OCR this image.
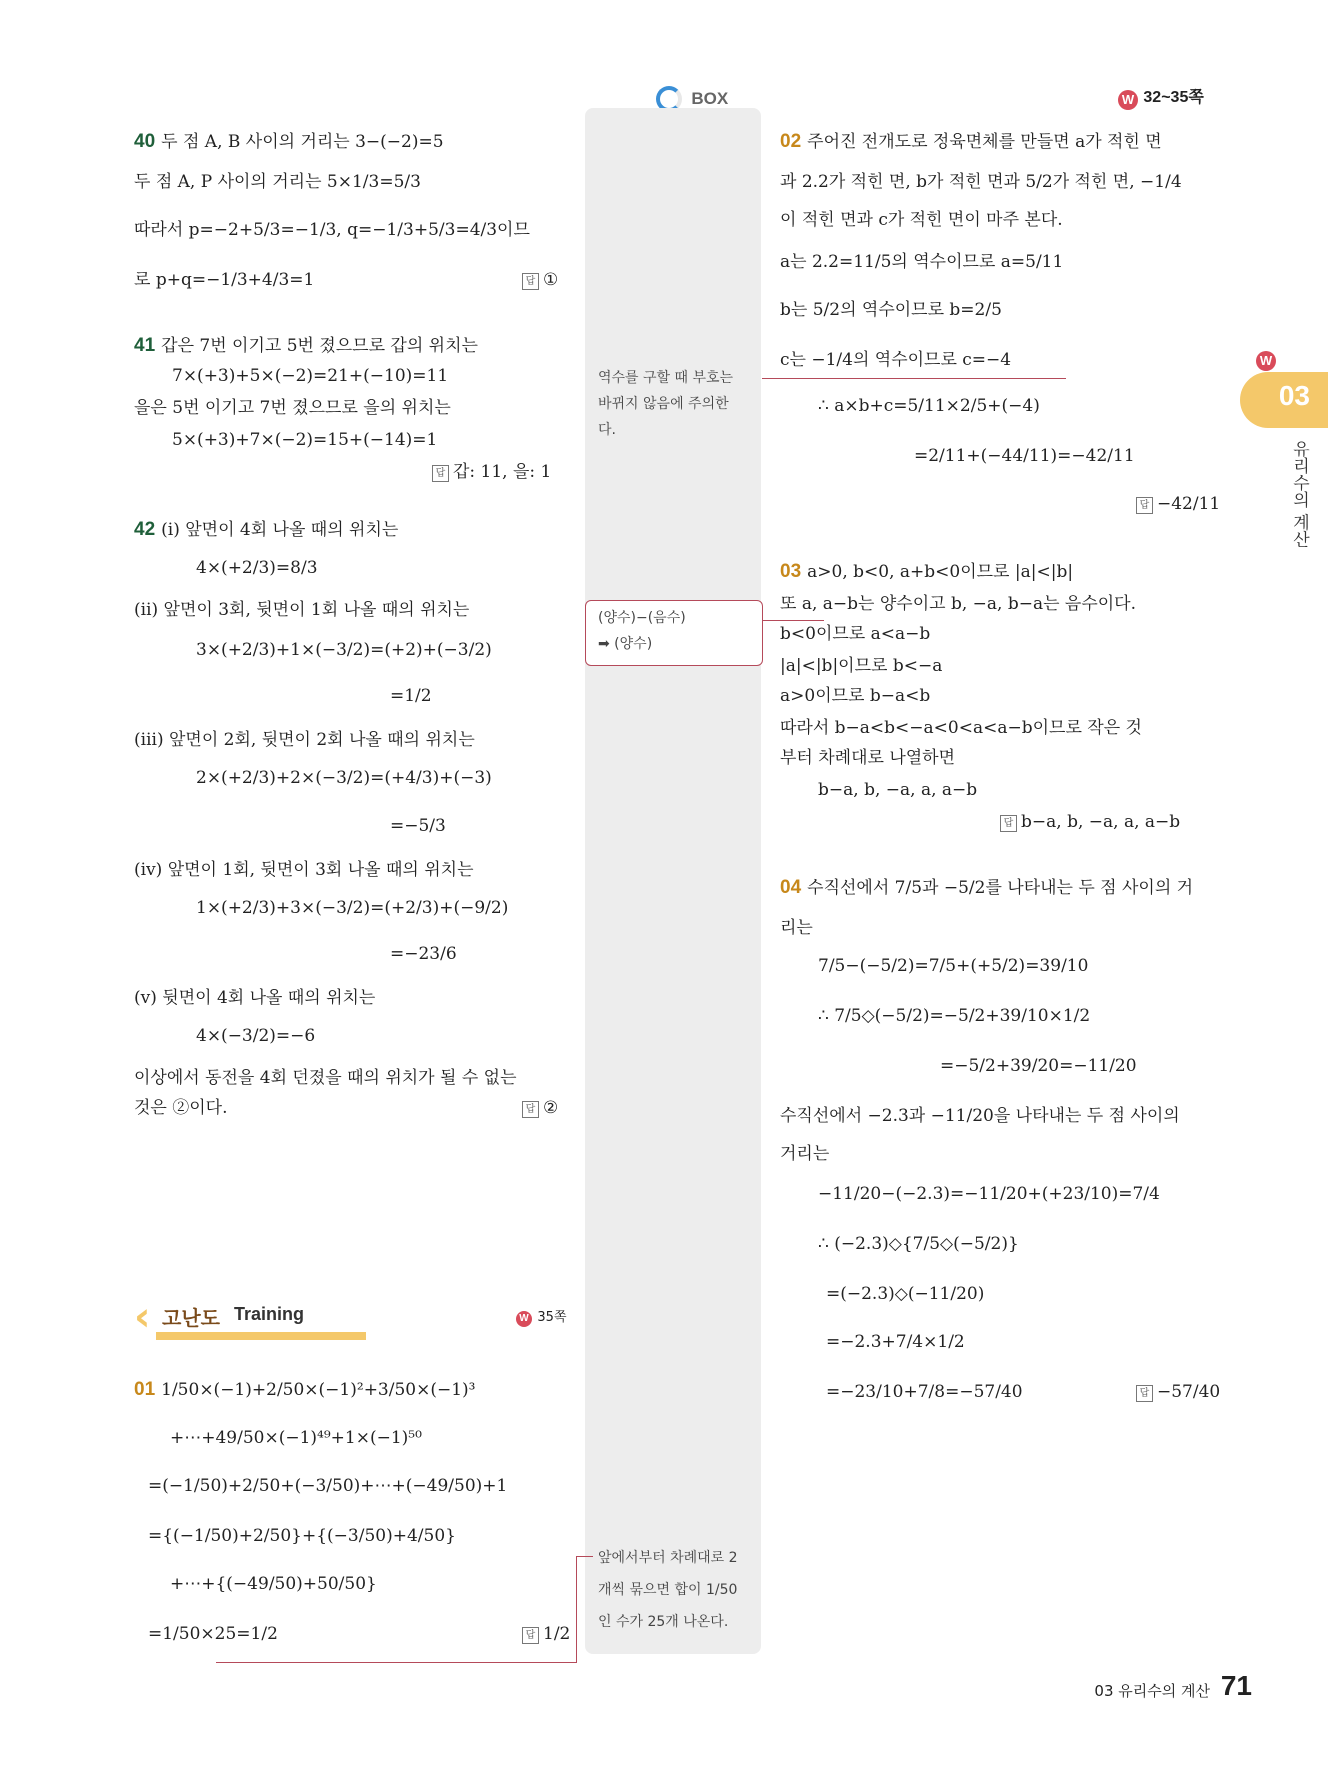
BOX	W 32~35쪽
W
03
유리수의 계산
40 두 점 A, B 사이의 거리는 3−(−2)=5
두 점 A, P 사이의 거리는 5×1/3=5/3
따라서 p=−2+5/3=−1/3, q=−1/3+5/3=4/3이므
로 p+q=−1/3+4/3=1	답 ①
41 갑은 7번 이기고 5번 졌으므로 갑의 위치는
7×(+3)+5×(−2)=21+(−10)=11
을은 5번 이기고 7번 졌으므로 을의 위치는
5×(+3)+7×(−2)=15+(−14)=1
답 갑: 11, 을: 1
42 (ⅰ) 앞면이 4회 나올 때의 위치는
4×(+2/3)=8/3
(ⅱ) 앞면이 3회, 뒷면이 1회 나올 때의 위치는
3×(+2/3)+1×(−3/2)=(+2)+(−3/2)
=1/2
(ⅲ) 앞면이 2회, 뒷면이 2회 나올 때의 위치는
2×(+2/3)+2×(−3/2)=(+4/3)+(−3)
=−5/3
(ⅳ) 앞면이 1회, 뒷면이 3회 나올 때의 위치는
1×(+2/3)+3×(−3/2)=(+2/3)+(−9/2)
=−23/6
(ⅴ) 뒷면이 4회 나올 때의 위치는
4×(−3/2)=−6
이상에서 동전을 4회 던졌을 때의 위치가 될 수 없는
것은 ②이다.	답 ②
‹ 고난도 Training	W 35쪽
01 1/50×(−1)+2/50×(−1)²+3/50×(−1)³
+⋯+49/50×(−1)⁴⁹+1×(−1)⁵⁰
=(−1/50)+2/50+(−3/50)+⋯+(−49/50)+1
={(−1/50)+2/50}+{(−3/50)+4/50}
+⋯+{(−49/50)+50/50}
=1/50×25=1/2	답 1/2
역수를 구할 때 부호는
바뀌지 않음에 주의한
다.
(양수)−(음수)
➡ (양수)
앞에서부터 차례대로 2
개씩 묶으면 합이 1/50
인 수가 25개 나온다.
02 주어진 전개도로 정육면체를 만들면 a가 적힌 면
과 2.2가 적힌 면, b가 적힌 면과 5/2가 적힌 면, −1/4
이 적힌 면과 c가 적힌 면이 마주 본다.
a는 2.2=11/5의 역수이므로 a=5/11
b는 5/2의 역수이므로 b=2/5
c는 −1/4의 역수이므로 c=−4
∴ a×b+c=5/11×2/5+(−4)
=2/11+(−44/11)=−42/11
답 −42/11
03 a>0, b<0, a+b<0이므로 |a|<|b|
또 a, a−b는 양수이고 b, −a, b−a는 음수이다.
b<0이므로 a<a−b
|a|<|b|이므로 b<−a
a>0이므로 b−a<b
따라서 b−a<b<−a<0<a<a−b이므로 작은 것
부터 차례대로 나열하면
b−a, b, −a, a, a−b
답 b−a, b, −a, a, a−b
04 수직선에서 7/5과 −5/2를 나타내는 두 점 사이의 거
리는
7/5−(−5/2)=7/5+(+5/2)=39/10
∴ 7/5◇(−5/2)=−5/2+39/10×1/2
=−5/2+39/20=−11/20
수직선에서 −2.3과 −11/20을 나타내는 두 점 사이의
거리는
−11/20−(−2.3)=−11/20+(+23/10)=7/4
∴ (−2.3)◇{7/5◇(−5/2)}
=(−2.3)◇(−11/20)
=−2.3+7/4×1/2
=−23/10+7/8=−57/40	답 −57/40
03 유리수의 계산 71
